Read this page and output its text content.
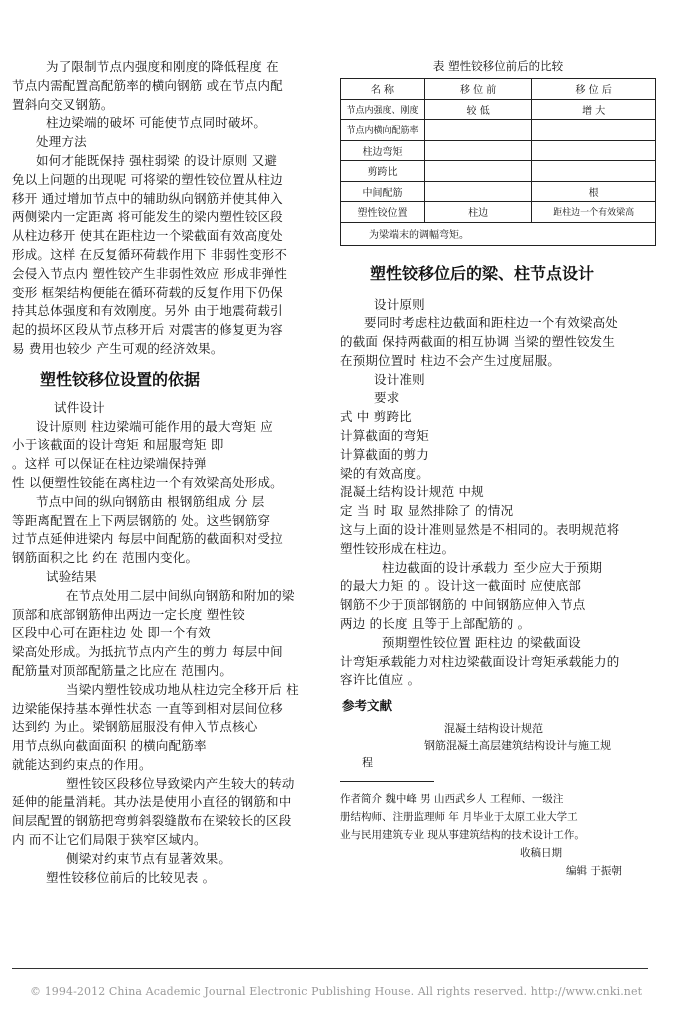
为了限制节点内强度和刚度的降低程度 在
节点内需配置高配筋率的横向钢筋 或在节点内配
置斜向交叉钢筋。
柱边梁端的破坏 可能使节点同时破坏。
处理方法
如何才能既保持 强柱弱梁 的设计原则 又避
免以上问题的出现呢 可将梁的塑性铰位置从柱边
移开 通过增加节点中的辅助纵向钢筋并使其伸入
两侧梁内一定距离 将可能发生的梁内塑性铰区段
从柱边移开 使其在距柱边一个梁截面有效高度处
形成。这样 在反复循环荷载作用下 非弱性变形不
会侵入节点内 塑性铰产生非弱性效应 形成非弹性
变形 框架结构便能在循环荷载的反复作用下仍保
持其总体强度和有效刚度。另外 由于地震荷载引
起的损坏区段从节点移开后 对震害的修复更为容
易 费用也较少 产生可观的经济效果。
塑性铰移位设置的依据
试件设计
设计原则 柱边梁端可能作用的最大弯矩 应
小于该截面的设计弯矩 和屈服弯矩 即
。这样 可以保证在柱边梁端保持弹
性 以便塑性铰能在离柱边一个有效梁高处形成。
节点中间的纵向钢筋由 根钢筋组成 分 层
等距离配置在上下两层钢筋的 处。这些钢筋穿
过节点延伸进梁内 每层中间配筋的截面积对受拉
钢筋面积之比 约在 范围内变化。
试验结果
在节点处用二层中间纵向钢筋和附加的梁
顶部和底部钢筋伸出两边一定长度 塑性铰
区段中心可在距柱边 处 即一个有效
梁高处形成。为抵抗节点内产生的剪力 每层中间
配筋量对顶部配筋量之比应在 范围内。
当梁内塑性铰成功地从柱边完全移开后 柱
边梁能保持基本弹性状态 一直等到相对层间位移
达到约 为止。梁钢筋屈服没有伸入节点核心
用节点纵向截面面积 的横向配筋率
就能达到约束点的作用。
塑性铰区段移位导致梁内产生较大的转动
延伸的能量消耗。其办法是使用小直径的钢筋和中
间层配置的钢筋把弯剪斜裂缝散布在梁较长的区段
内 而不让它们局限于狭窄区域内。
侧梁对约束节点有显著效果。
塑性铰移位前后的比较见表 。
表 塑性铰移位前后的比较
名 称	移 位 前	移 位 后
节点内强度、刚度	较 低	增 大
节点内横向配筋率		
柱边弯矩		
剪跨比		
中间配筋		根
塑性铰位置	柱边	距柱边一个有效梁高
为梁端末的调幅弯矩。		
塑性铰移位后的梁、柱节点设计
设计原则
要同时考虑柱边截面和距柱边一个有效梁高处
的截面 保持两截面的相互协调 当梁的塑性铰发生
在预期位置时 柱边不会产生过度屈服。
设计准则
要求
式 中 剪跨比
计算截面的弯矩
计算截面的剪力
梁的有效高度。
混凝土结构设计规范 中规
定 当 时 取 显然排除了 的情况
这与上面的设计准则显然是不相同的。表明规范将
塑性铰形成在柱边。
柱边截面的设计承载力 至少应大于预期
的最大力矩 的 。设计这一截面时 应使底部
钢筋不少于顶部钢筋的 中间钢筋应伸入节点
两边 的长度 且等于上部配筋的 。
预期塑性铰位置 距柱边 的梁截面设
计弯矩承载能力对柱边梁截面设计弯矩承载能力的
容许比值应 。
参考文献
混凝土结构设计规范
钢筋混凝土高层建筑结构设计与施工规
程
作者简介 魏中峰 男 山西武乡人 工程师、一级注
册结构师、注册监理师 年 月毕业于太原工业大学工
业与民用建筑专业 现从事建筑结构的技术设计工作。
收稿日期
编辑 于振朝
© 1994-2012 China Academic Journal Electronic Publishing House. All rights reserved. http://www.cnki.net
